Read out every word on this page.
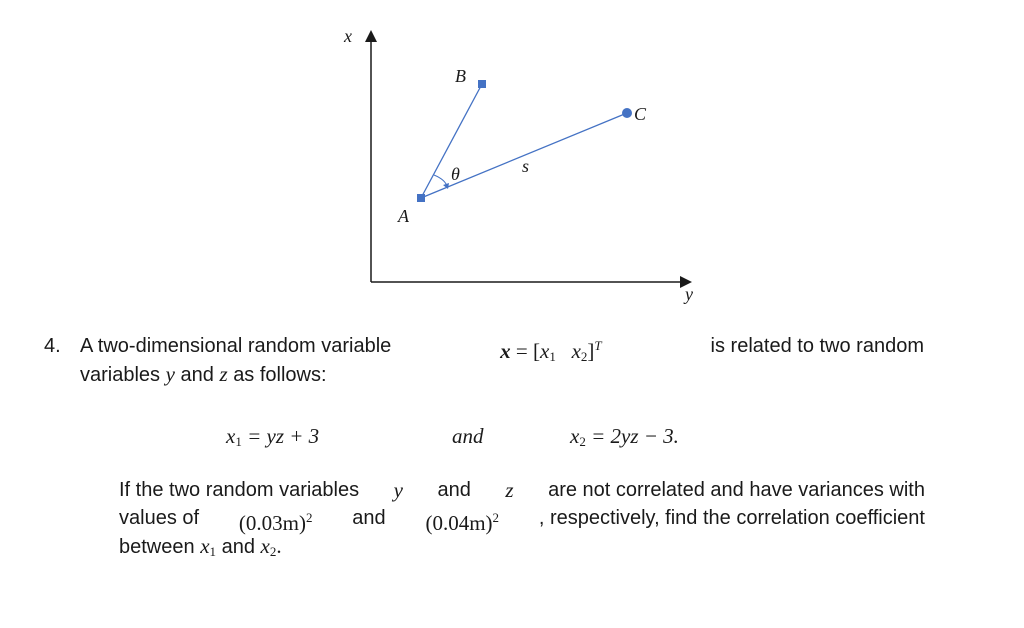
x
y
A
B
C
θ	s
4. A two-dimensional random variable	$x = [x_1$ $x_2]^T$	is related to two random
variables y and z as follows:
$x_1$ = yz + 3	and	$x_2 = 2yz - 3$.
If the two random variables y and z are not correlated and have variances with
values of $(0.03m)^2$ and $(0.04m)^2$ , respectively, find the correlation coefficient
between $x_1$ and $x_2$.
